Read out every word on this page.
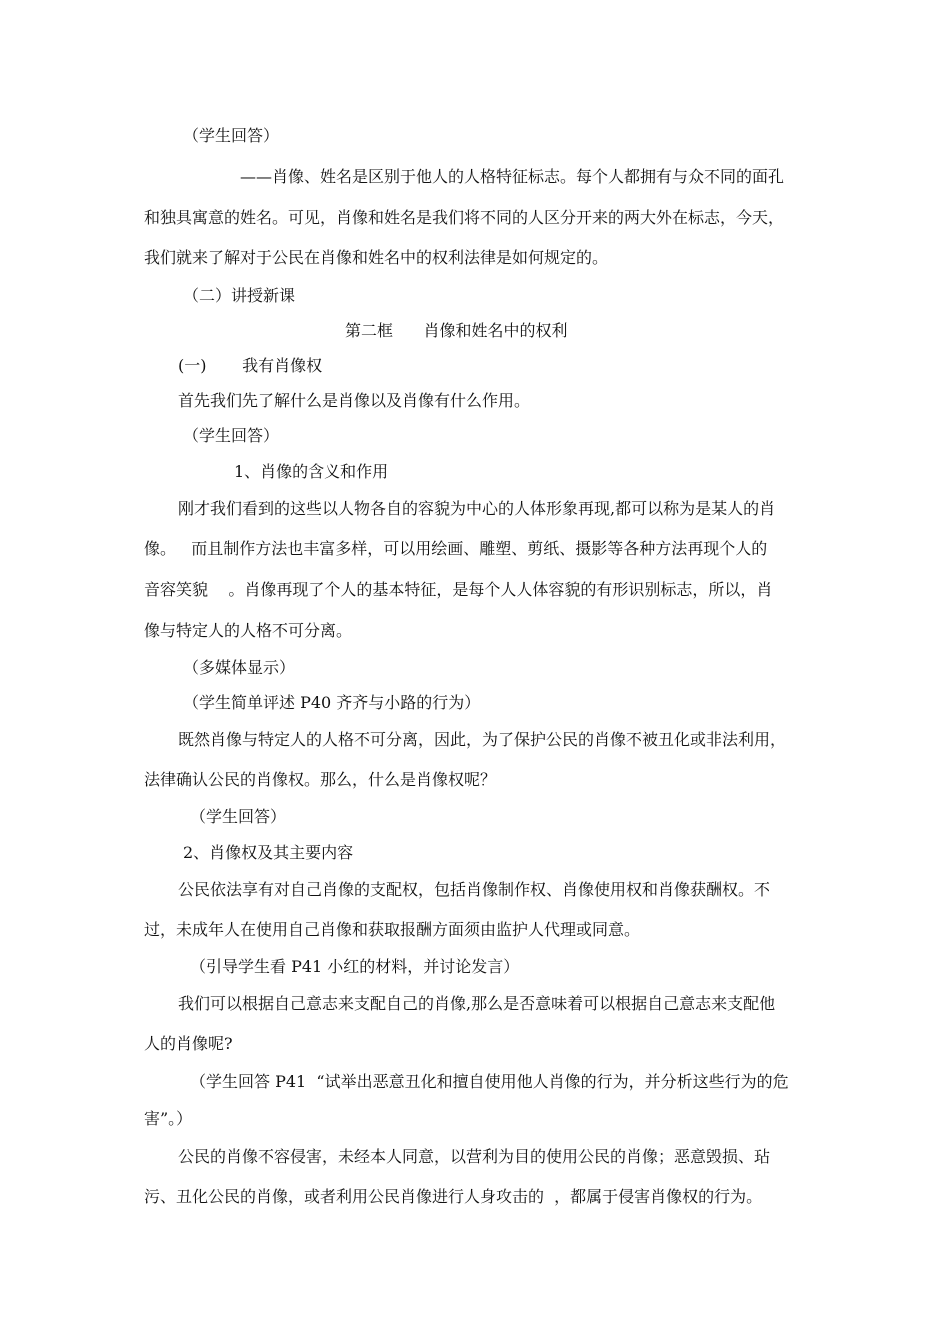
（学生回答）
——肖像、姓名是区别于他人的人格特征标志。每个人都拥有与众不同的面孔
和独具寓意的姓名。可见，肖像和姓名是我们将不同的人区分开来的两大外在标志，今天，
我们就来了解对于公民在肖像和姓名中的权利法律是如何规定的。
（二）讲授新课
第二框      肖像和姓名中的权利
(一)       我有肖像权
首先我们先了解什么是肖像以及肖像有什么作用。
（学生回答）
1、肖像的含义和作用
刚才我们看到的这些以人物各自的容貌为中心的人体形象再现,都可以称为是某人的肖
像。   而且制作方法也丰富多样，可以用绘画、雕塑、剪纸、摄影等各种方法再现个人的
音容笑貌    。肖像再现了个人的基本特征，是每个人人体容貌的有形识别标志，所以，肖
像与特定人的人格不可分离。
（多媒体显示）
（学生简单评述 P40 齐齐与小路的行为）
既然肖像与特定人的人格不可分离，因此，为了保护公民的肖像不被丑化或非法利用，
法律确认公民的肖像权。那么，什么是肖像权呢？
（学生回答）
2、肖像权及其主要内容
公民依法享有对自己肖像的支配权，包括肖像制作权、肖像使用权和肖像获酬权。不
过，未成年人在使用自己肖像和获取报酬方面须由监护人代理或同意。
（引导学生看 P41 小红的材料，并讨论发言）
我们可以根据自己意志来支配自己的肖像,那么是否意味着可以根据自己意志来支配他
人的肖像呢?
（学生回答 P41  “试举出恶意丑化和擅自使用他人肖像的行为，并分析这些行为的危
害”。）
公民的肖像不容侵害，未经本人同意，以营利为目的使用公民的肖像；恶意毁损、玷
污、丑化公民的肖像，或者利用公民肖像进行人身攻击的  ，都属于侵害肖像权的行为。
